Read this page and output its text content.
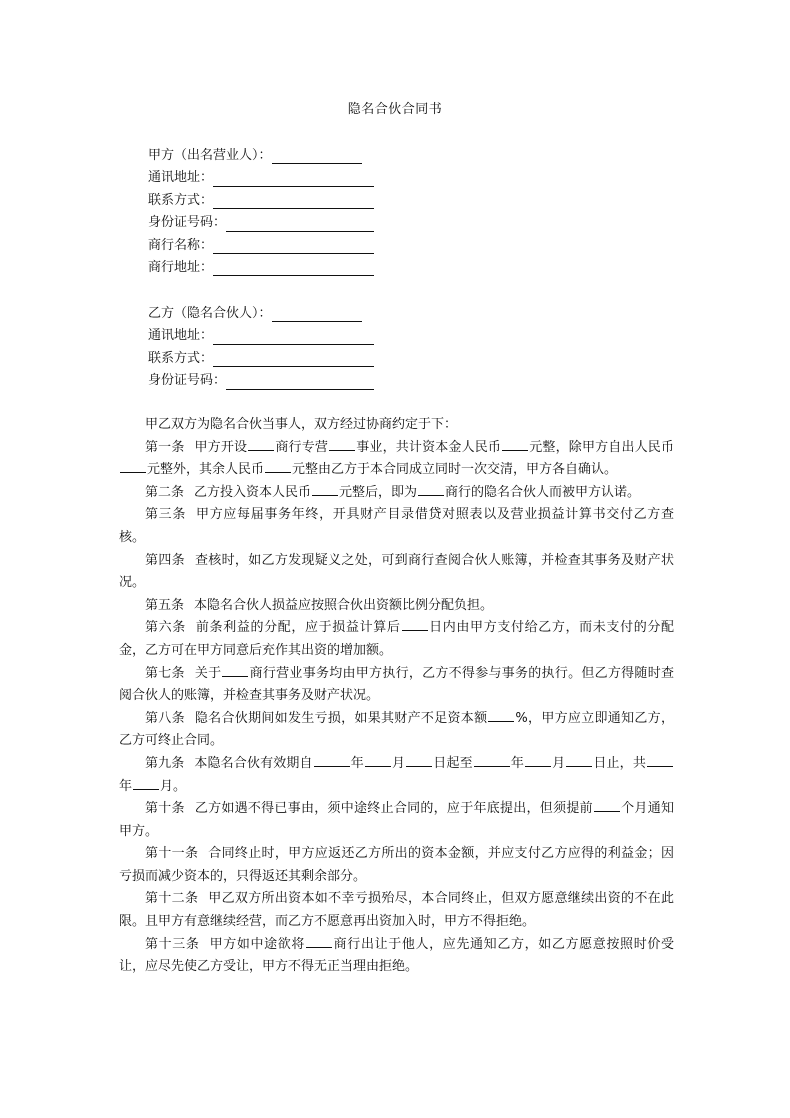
隐名合伙合同书
甲方（出名营业人）：
通讯地址：
联系方式：
身份证号码：
商行名称：
商行地址：
乙方（隐名合伙人）：
通讯地址：
联系方式：
身份证号码：

甲乙双方为隐名合伙当事人，双方经过协商约定于下：

第一条 甲方开设 商行专营 事业，共计资本金人民币 元整，除甲方自出人民币元整外，其余人民币 元整由乙方于本合同成立同时一次交清，甲方各自确认。

第二条 乙方投入资本人民币 元整后，即为 商行的隐名合伙人而被甲方认诺。

第三条 甲方应每届事务年终，开具财产目录借贷对照表以及营业损益计算书交付乙方查核。

第四条 查核时，如乙方发现疑义之处，可到商行查阅合伙人账簿，并检查其事务及财产状况。

第五条 本隐名合伙人损益应按照合伙出资额比例分配负担。

第六条 前条利益的分配，应于损益计算后 日内由甲方支付给乙方，而未支付的分配金，乙方可在甲方同意后充作其出资的增加额。

第七条 关于 商行营业事务均由甲方执行，乙方不得参与事务的执行。但乙方得随时查阅合伙人的账簿，并检查其事务及财产状况。

第八条 隐名合伙期间如发生亏损，如果其财产不足资本额 %，甲方应立即通知乙方，乙方可终止合同。

第九条 本隐名合伙有效期自	年 月 日起至	年 月 日止，共年 月。

第十条 乙方如遇不得已事由，须中途终止合同的，应于年底提出，但须提前 个月通知甲方。

第十一条 合同终止时，甲方应返还乙方所出的资本金额，并应支付乙方应得的利益金；因亏损而减少资本的，只得返还其剩余部分。

第十二条 甲乙双方所出资本如不幸亏损殆尽，本合同终止，但双方愿意继续出资的不在此限。且甲方有意继续经营，而乙方不愿意再出资加入时，甲方不得拒绝。

第十三条 甲方如中途欲将 商行出让于他人，应先通知乙方，如乙方愿意按照时价受让，应尽先使乙方受让，甲方不得无正当理由拒绝。
